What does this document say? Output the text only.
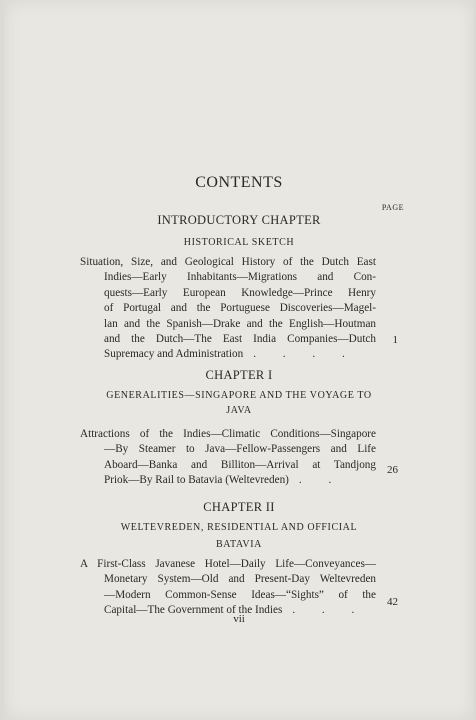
CONTENTS
PAGE
INTRODUCTORY CHAPTER
HISTORICAL SKETCH
Situation, Size, and Geological History of the Dutch East
Indies—Early Inhabitants—Migrations and Con-
quests—Early European Knowledge—Prince Henry
of Portugal and the Portuguese Discoveries—Magel-
lan and the Spanish—Drake and the English—Houtman
and the Dutch—The East India Companies—Dutch
Supremacy and Administration . . . .
1
CHAPTER I
GENERALITIES—SINGAPORE AND THE VOYAGE TO
JAVA
Attractions of the Indies—Climatic Conditions—Singapore
—By Steamer to Java—Fellow-Passengers and Life
Aboard—Banka and Billiton—Arrival at Tandjong
Priok—By Rail to Batavia (Weltevreden) . .
26
CHAPTER II
WELTEVREDEN, RESIDENTIAL AND OFFICIAL
BATAVIA
A First-Class Javanese Hotel—Daily Life—Conveyances—
Monetary System—Old and Present-Day Weltevreden
—Modern Common-Sense Ideas—“Sights” of the
Capital—The Government of the Indies . . .
42
vii
